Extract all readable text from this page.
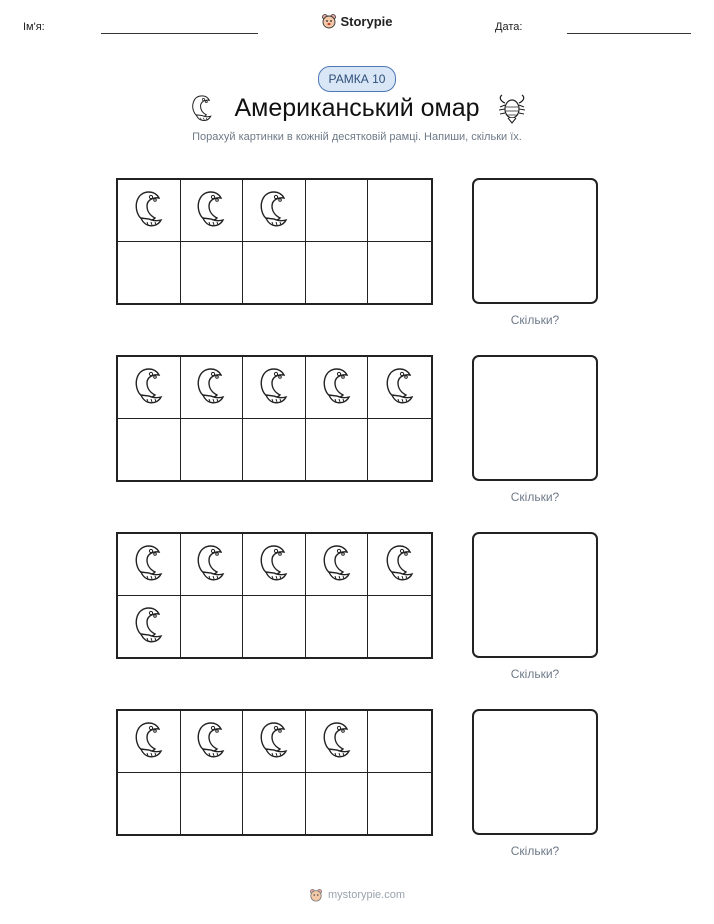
Ім'я:	Storypie	Дата:
РАМКА 10
Американський омар
Порахуй картинки в кожній десятковій рамці. Напиши, скільки їх.
Скільки?
Скільки?
Скільки?
Скільки?
mystorypie.com
